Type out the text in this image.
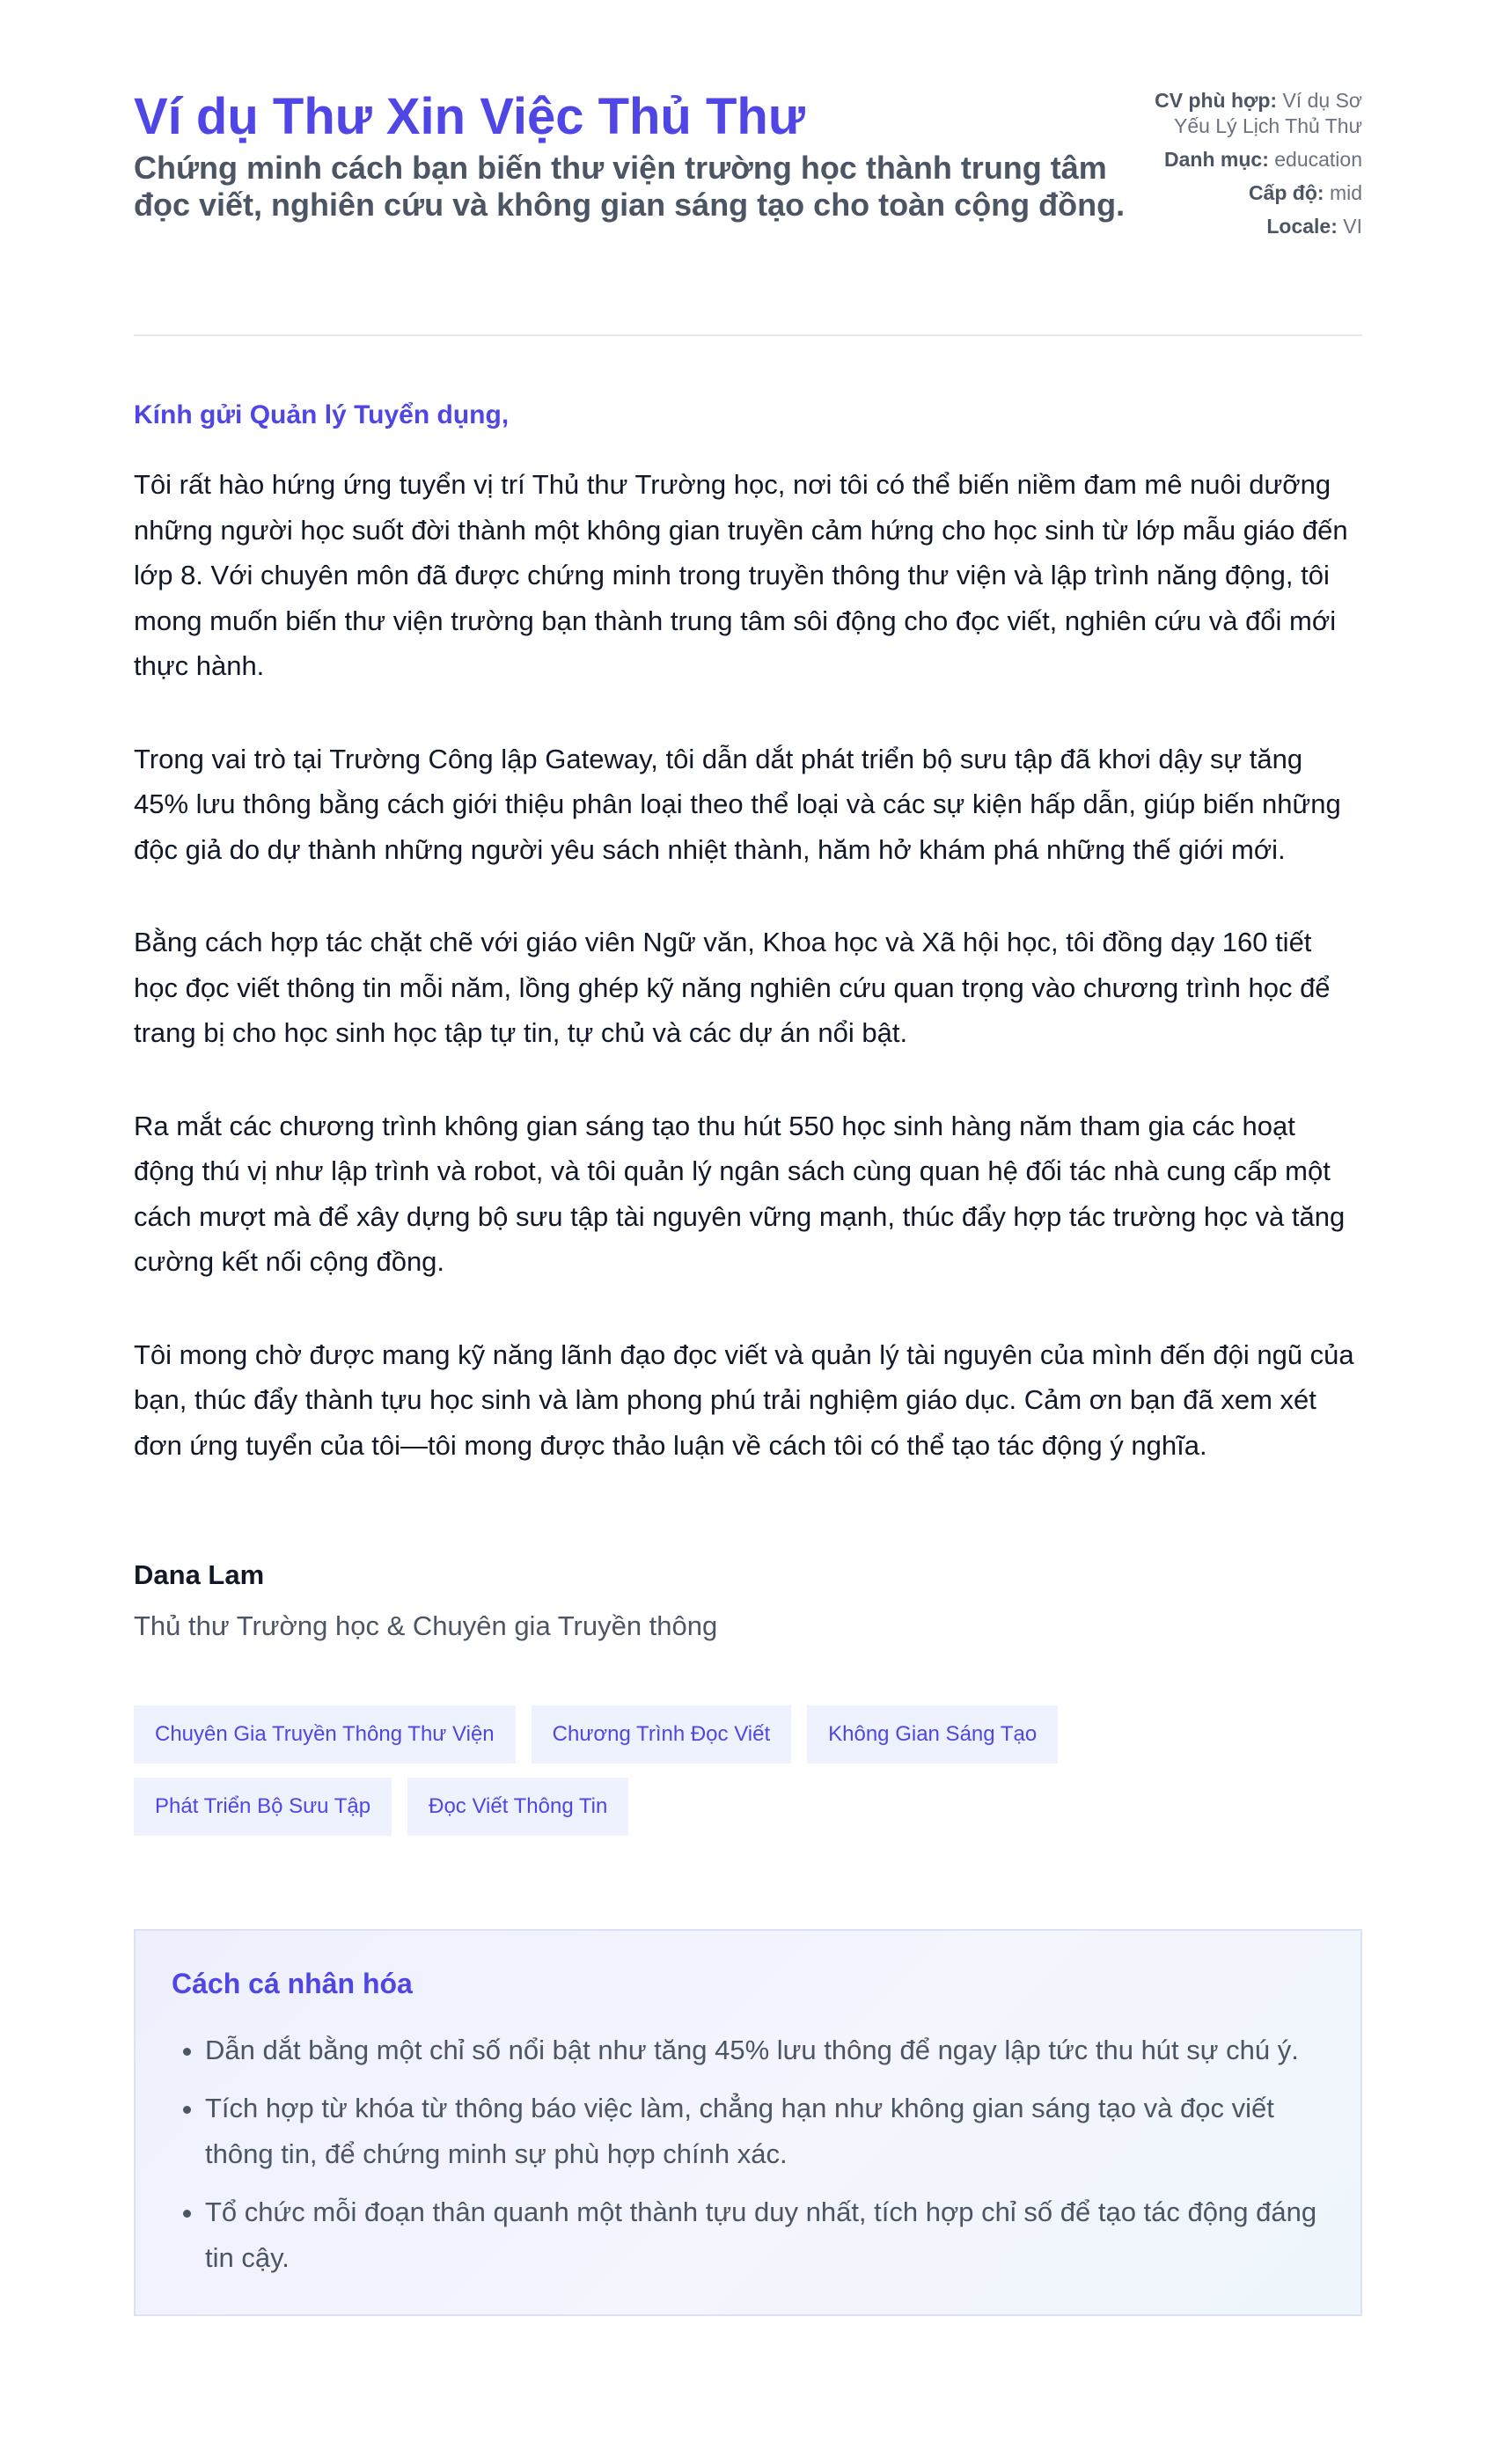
Ví dụ Thư Xin Việc Thủ Thư
Chứng minh cách bạn biến thư viện trường học thành trung tâm đọc viết, nghiên cứu và không gian sáng tạo cho toàn cộng đồng.
CV phù hợp: Ví dụ Sơ Yếu Lý Lịch Thủ Thư
Danh mục: education
Cấp độ: mid
Locale: VI

Kính gửi Quản lý Tuyển dụng,

Tôi rất hào hứng ứng tuyển vị trí Thủ thư Trường học, nơi tôi có thể biến niềm đam mê nuôi dưỡng những người học suốt đời thành một không gian truyền cảm hứng cho học sinh từ lớp mẫu giáo đến lớp 8. Với chuyên môn đã được chứng minh trong truyền thông thư viện và lập trình năng động, tôi mong muốn biến thư viện trường bạn thành trung tâm sôi động cho đọc viết, nghiên cứu và đổi mới thực hành.

Trong vai trò tại Trường Công lập Gateway, tôi dẫn dắt phát triển bộ sưu tập đã khơi dậy sự tăng 45% lưu thông bằng cách giới thiệu phân loại theo thể loại và các sự kiện hấp dẫn, giúp biến những độc giả do dự thành những người yêu sách nhiệt thành, hăm hở khám phá những thế giới mới.

Bằng cách hợp tác chặt chẽ với giáo viên Ngữ văn, Khoa học và Xã hội học, tôi đồng dạy 160 tiết học đọc viết thông tin mỗi năm, lồng ghép kỹ năng nghiên cứu quan trọng vào chương trình học để trang bị cho học sinh học tập tự tin, tự chủ và các dự án nổi bật.

Ra mắt các chương trình không gian sáng tạo thu hút 550 học sinh hàng năm tham gia các hoạt động thú vị như lập trình và robot, và tôi quản lý ngân sách cùng quan hệ đối tác nhà cung cấp một cách mượt mà để xây dựng bộ sưu tập tài nguyên vững mạnh, thúc đẩy hợp tác trường học và tăng cường kết nối cộng đồng.

Tôi mong chờ được mang kỹ năng lãnh đạo đọc viết và quản lý tài nguyên của mình đến đội ngũ của bạn, thúc đẩy thành tựu học sinh và làm phong phú trải nghiệm giáo dục. Cảm ơn bạn đã xem xét đơn ứng tuyển của tôi—tôi mong được thảo luận về cách tôi có thể tạo tác động ý nghĩa.

Dana Lam
Thủ thư Trường học & Chuyên gia Truyền thông
Chuyên Gia Truyền Thông Thư Viện	Chương Trình Đọc Viết	Không Gian Sáng Tạo
Phát Triển Bộ Sưu Tập	Đọc Viết Thông Tin
Cách cá nhân hóa
• Dẫn dắt bằng một chỉ số nổi bật như tăng 45% lưu thông để ngay lập tức thu hút sự chú ý.
• Tích hợp từ khóa từ thông báo việc làm, chẳng hạn như không gian sáng tạo và đọc viết thông tin, để chứng minh sự phù hợp chính xác.
• Tổ chức mỗi đoạn thân quanh một thành tựu duy nhất, tích hợp chỉ số để tạo tác động đáng tin cậy.
